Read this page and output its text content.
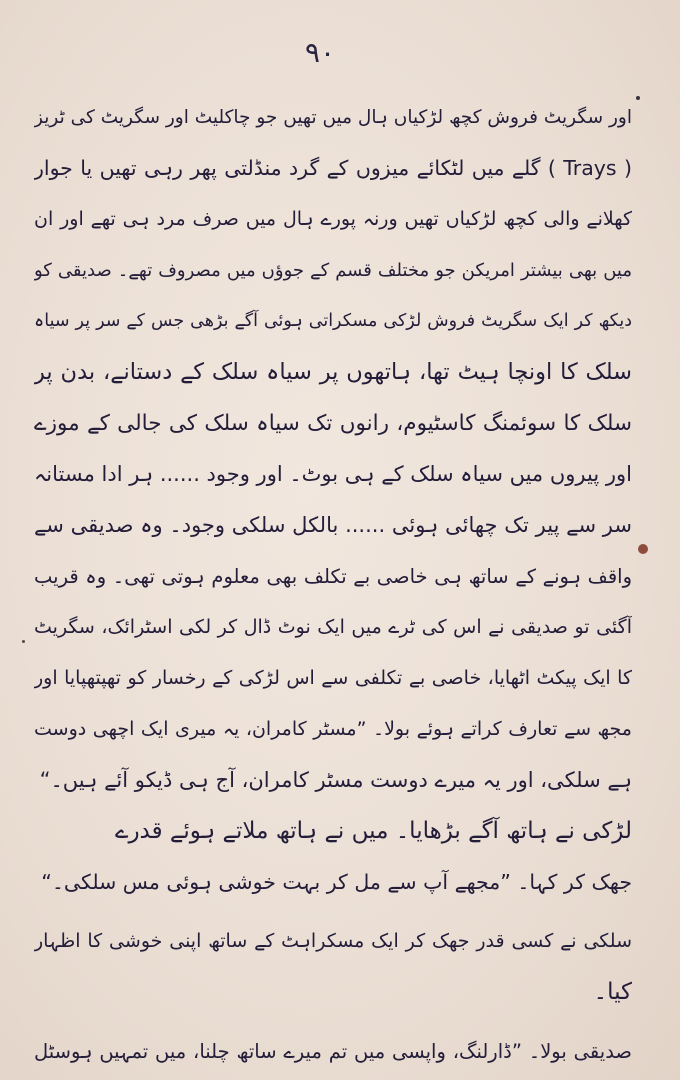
۹۰
اور سگریٹ فروش کچھ لڑکیاں ہال میں تھیں جو چاکلیٹ اور سگریٹ کی ٹریز
( Trays ) گلے میں لٹکائے میزوں کے گرد منڈلتی پھر رہی تھیں یا جوار
کھلانے والی کچھ لڑکیاں تھیں ورنہ پورے ہال میں صرف مرد ہی تھے اور ان
میں بھی بیشتر امریکن جو مختلف قسم کے جوؤں میں مصروف تھے۔ صدیقی کو
دیکھ کر ایک سگریٹ فروش لڑکی مسکراتی ہوئی آگے بڑھی جس کے سر پر سیاہ
سلک کا اونچا ہیٹ تھا، ہاتھوں پر سیاہ سلک کے دستانے، بدن پر
سلک کا سوئمنگ کاسٹیوم، رانوں تک سیاہ سلک کی جالی کے موزے
اور پیروں میں سیاہ سلک کے ہی بوٹ۔ اور وجود ...... ہر ادا مستانہ
سر سے پیر تک چھائی ہوئی ...... بالکل سلکی وجود۔ وہ صدیقی سے
واقف ہونے کے ساتھ ہی خاصی بے تکلف بھی معلوم ہوتی تھی۔ وہ قریب
آگئی تو صدیقی نے اس کی ٹرے میں ایک نوٹ ڈال کر لکی اسٹرائک، سگریٹ
کا ایک پیکٹ اٹھایا، خاصی بے تکلفی سے اس لڑکی کے رخسار کو تھپتھپایا اور
مجھ سے تعارف کراتے ہوئے بولا۔ ”مسٹر کامران، یہ میری ایک اچھی دوست
ہے سلکی، اور یہ میرے دوست مسٹر کامران، آج ہی ڈیکو آئے ہیں۔“
لڑکی نے ہاتھ آگے بڑھایا۔ میں نے ہاتھ ملاتے ہوئے قدرے
جھک کر کہا۔ ”مجھے آپ سے مل کر بہت خوشی ہوئی مس سلکی۔“
سلکی نے کسی قدر جھک کر ایک مسکراہٹ کے ساتھ اپنی خوشی کا اظہار
کیا۔
صدیقی بولا۔ ”ڈارلنگ، واپسی میں تم میرے ساتھ چلنا، میں تمہیں ہوسٹل
